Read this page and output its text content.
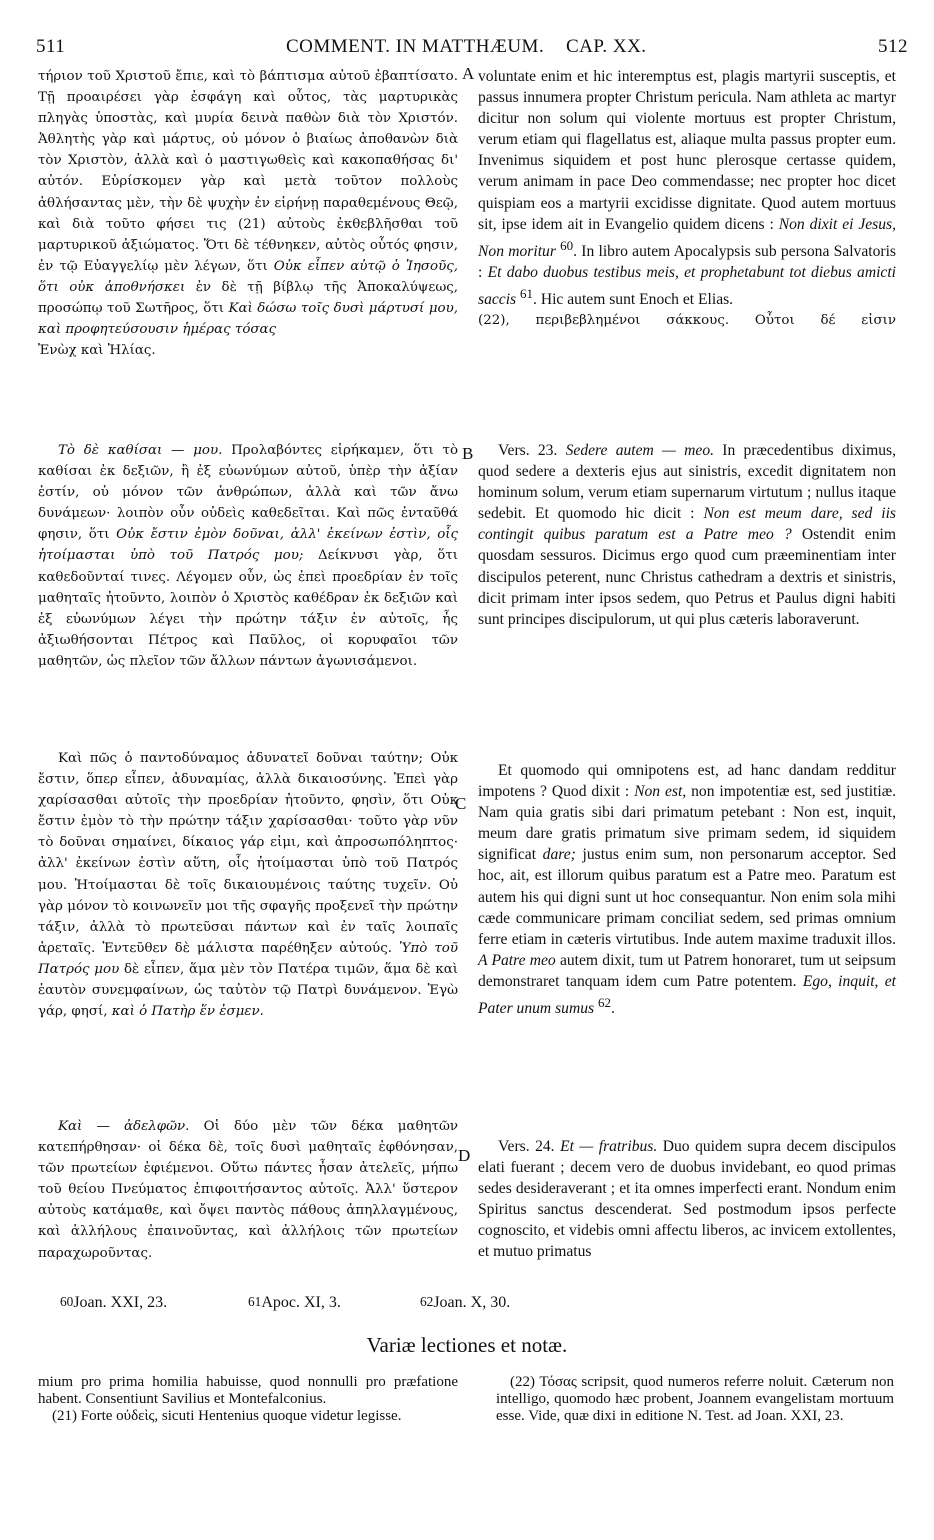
511	COMMENT. IN MATTHÆUM. CAP. XX.	512
A
B
C
D

τήριον τοῦ Χριστοῦ ἔπιε, καὶ τὸ βάπτισμα αὐτοῦ ἐβαπτίσατο. Τῇ προαιρέσει γὰρ ἐσφάγη καὶ οὗτος, τὰς μαρτυρικὰς πληγὰς ὑποστὰς, καὶ μυρία δεινὰ παθὼν διὰ τὸν Χριστόν. Ἀθλητὴς γὰρ καὶ μάρτυς, οὐ μόνον ὁ βιαίως ἀποθανὼν διὰ τὸν Χριστὸν, ἀλλὰ καὶ ὁ μαστιγωθεὶς καὶ κακοπαθήσας δι' αὐτόν. Εὑρίσκομεν γὰρ καὶ μετὰ τοῦτον πολλοὺς ἀθλήσαντας μὲν, τὴν δὲ ψυχὴν ἐν εἰρήνῃ παραθεμένους Θεῷ, καὶ διὰ τοῦτο φήσει τις (21) αὐτοὺς ἐκθεβλῆσθαι τοῦ μαρτυρικοῦ ἀξιώματος. Ὅτι δὲ τέθνηκεν, αὐτὸς οὗτός φησιν, ἐν τῷ Εὐαγγελίῳ μὲν λέγων, ὅτι Οὐκ εἶπεν αὐτῷ ὁ Ἰησοῦς, ὅτι οὐκ ἀποθνήσκει ἐν δὲ τῇ βίβλῳ τῆς Ἀποκαλύψεως, προσώπῳ τοῦ Σωτῆρος, ὅτι Καὶ δώσω τοῖς δυσὶ μάρτυσί μου, καὶ προφητεύσουσιν ἡμέρας τόσας

Ἐνὼχ καὶ Ἠλίας.

Τὸ δὲ καθίσαι — μου. Προλαβόντες εἰρήκαμεν, ὅτι τὸ καθίσαι ἐκ δεξιῶν, ἢ ἐξ εὐωνύμων αὐτοῦ, ὑπὲρ τὴν ἀξίαν ἐστίν, οὐ μόνον τῶν ἀνθρώπων, ἀλλὰ καὶ τῶν ἄνω δυνάμεων· λοιπὸν οὖν οὐδεὶς καθεδεῖται. Καὶ πῶς ἐνταῦθά φησιν, ὅτι Οὐκ ἔστιν ἐμὸν δοῦναι, ἀλλ' ἐκείνων ἐστὶν, οἷς ἡτοίμασται ὑπὸ τοῦ Πατρός μου; Δείκνυσι γὰρ, ὅτι καθεδοῦνταί τινες. Λέγομεν οὖν, ὡς ἐπεὶ προεδρίαν ἐν τοῖς μαθηταῖς ἠτοῦντο, λοιπὸν ὁ Χριστὸς καθέδραν ἐκ δεξιῶν καὶ ἐξ εὐωνύμων λέγει τὴν πρώτην τάξιν ἐν αὐτοῖς, ἧς ἀξιωθήσονται Πέτρος καὶ Παῦλος, οἱ κορυφαῖοι τῶν μαθητῶν, ὡς πλεῖον τῶν ἄλλων πάντων ἀγωνισάμενοι.

Καὶ πῶς ὁ παντοδύναμος ἀδυνατεῖ δοῦναι ταύτην; Οὐκ ἔστιν, ὅπερ εἶπεν, ἀδυναμίας, ἀλλὰ δικαιοσύνης. Ἐπεὶ γὰρ χαρίσασθαι αὐτοῖς τὴν προεδρίαν ἠτοῦντο, φησὶν, ὅτι Οὐκ ἔστιν ἐμὸν τὸ τὴν πρώτην τάξιν χαρίσασθαι· τοῦτο γὰρ νῦν τὸ δοῦναι σημαίνει, δίκαιος γάρ εἰμι, καὶ ἀπροσωπόληπτος· ἀλλ' ἐκείνων ἐστὶν αὕτη, οἷς ἡτοίμασται ὑπὸ τοῦ Πατρός μου. Ἡτοίμασται δὲ τοῖς δικαιουμένοις ταύτης τυχεῖν. Οὐ γὰρ μόνον τὸ κοινωνεῖν μοι τῆς σφαγῆς προξενεῖ τὴν πρώτην τάξιν, ἀλλὰ τὸ πρωτεῦσαι πάντων καὶ ἐν ταῖς λοιπαῖς ἀρεταῖς. Ἐντεῦθεν δὲ μάλιστα παρέθηξεν αὐτούς. Ὑπὸ τοῦ Πατρός μου δὲ εἶπεν, ἅμα μὲν τὸν Πατέρα τιμῶν, ἅμα δὲ καὶ ἑαυτὸν συνεμφαίνων, ὡς ταὐτὸν τῷ Πατρὶ δυνάμενον. Ἐγὼ γάρ, φησί, καὶ ὁ Πατὴρ ἕν ἐσμεν.

Καὶ — ἀδελφῶν. Οἱ δύο μὲν τῶν δέκα μαθητῶν κατεπήρθησαν· οἱ δέκα δὲ, τοῖς δυσὶ μαθηταῖς ἐφθόνησαν, τῶν πρωτείων ἐφιέμενοι. Οὕτω πάντες ἦσαν ἀτελεῖς, μήπω τοῦ θείου Πνεύματος ἐπιφοιτήσαντος αὐτοῖς. Ἀλλ' ὕστερον αὐτοὺς κατάμαθε, καὶ ὄψει παντὸς πάθους ἀπηλλαγμένους, καὶ ἀλλήλους ἐπαινοῦντας, καὶ ἀλλήλοις τῶν πρωτείων παραχωροῦντας.

voluntate enim et hic interemptus est, plagis martyrii susceptis, et passus innumera propter Christum pericula. Nam athleta ac martyr dicitur non solum qui violente mortuus est propter Christum, verum etiam qui flagellatus est, aliaque multa passus propter eum. Invenimus siquidem et post hunc plerosque certasse quidem, verum animam in pace Deo commendasse; nec propter hoc dicet quispiam eos a martyrii excidisse dignitate. Quod autem mortuus sit, ipse idem ait in Evangelio quidem dicens : Non dixit ei Jesus, Non moritur $^{60}$. In libro autem Apocalypsis sub persona Salvatoris : Et dabo duobus testibus meis, et prophetabunt tot diebus amicti saccis $^{61}$. Hic autem sunt Enoch et Elias.

(22), περιβεβλημένοι σάκκους. Οὗτοι δέ εἰσιν

Vers. 23. Sedere autem — meo. In præcedentibus diximus, quod sedere a dexteris ejus aut sinistris, excedit dignitatem non hominum solum, verum etiam supernarum virtutum ; nullus itaque sedebit. Et quomodo hic dicit : Non est meum dare, sed iis contingit quibus paratum est a Patre meo ? Ostendit enim quosdam sessuros. Dicimus ergo quod cum præeminentiam inter discipulos peterent, nunc Christus cathedram a dextris et sinistris, dicit primam inter ipsos sedem, quo Petrus et Paulus digni habiti sunt principes discipulorum, ut qui plus cæteris laboraverunt.

Et quomodo qui omnipotens est, ad hanc dandam redditur impotens ? Quod dixit : Non est, non impotentiæ est, sed justitiæ. Nam quia gratis sibi dari primatum petebant : Non est, inquit, meum dare gratis primatum sive primam sedem, id siquidem significat dare; justus enim sum, non personarum acceptor. Sed hoc, ait, est illorum quibus paratum est a Patre meo. Paratum est autem his qui digni sunt ut hoc consequantur. Non enim sola mihi cæde communicare primam conciliat sedem, sed primas omnium ferre etiam in cæteris virtutibus. Inde autem maxime traduxit illos. A Patre meo autem dixit, tum ut Patrem honoraret, tum ut seipsum demonstraret tanquam idem cum Patre potentem. Ego, inquit, et Pater unum sumus $^{62}$.

Vers. 24. Et — fratribus. Duo quidem supra decem discipulos elati fuerant ; decem vero de duobus invidebant, eo quod primas sedes desideraverant ; et ita omnes imperfecti erant. Nondum enim Spiritus sanctus descenderat. Sed postmodum ipsos perfecte cognoscito, et videbis omni affectu liberos, ac invicem extollentes, et mutuo primatus

$^{60}$ Joan. XXI, 23.	$^{61}$ Apoc. XI, 3.	$^{62}$ Joan. X, 30.
Variæ lectiones et notæ.

mium pro prima homilia habuisse, quod nonnulli pro præfatione habent. Consentiunt Savilius et Montefalconius.

(21) Forte οὐδεὶς, sicuti Hentenius quoque videtur legisse.

(22) Τόσας scripsit, quod numeros referre noluit. Cæterum non intelligo, quomodo hæc probent, Joannem evangelistam mortuum esse. Vide, quæ dixi in editione N. Test. ad Joan. XXI, 23.
